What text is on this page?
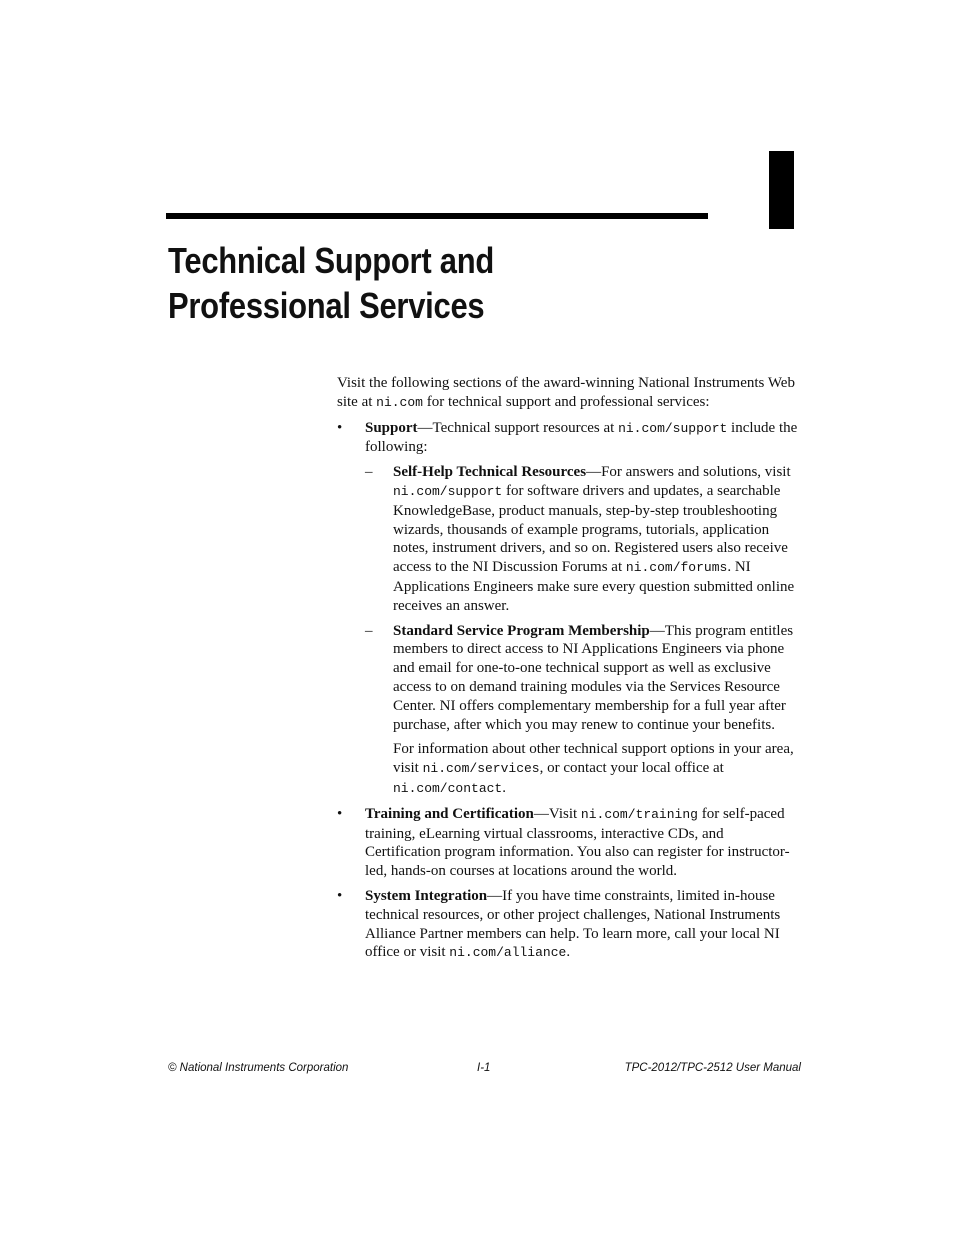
Technical Support and
Professional Services

Visit the following sections of the award-winning National Instruments Web site at ni.com for technical support and professional services:

• Support—Technical support resources at ni.com/support include the following:

– Self-Help Technical Resources—For answers and solutions, visit ni.com/support for software drivers and updates, a searchable KnowledgeBase, product manuals, step-by-step troubleshooting wizards, thousands of example programs, tutorials, application notes, instrument drivers, and so on. Registered users also receive access to the NI Discussion Forums at ni.com/forums. NI Applications Engineers make sure every question submitted online receives an answer.

– Standard Service Program Membership—This program entitles members to direct access to NI Applications Engineers via phone and email for one-to-one technical support as well as exclusive access to on demand training modules via the Services Resource Center. NI offers complementary membership for a full year after purchase, after which you may renew to continue your benefits.

For information about other technical support options in your area, visit ni.com/services, or contact your local office at ni.com/contact.

• Training and Certification—Visit ni.com/training for self-paced training, eLearning virtual classrooms, interactive CDs, and Certification program information. You also can register for instructor-led, hands-on courses at locations around the world.

• System Integration—If you have time constraints, limited in-house technical resources, or other project challenges, National Instruments Alliance Partner members can help. To learn more, call your local NI office or visit ni.com/alliance.

© National Instruments Corporation	I-1	TPC-2012/TPC-2512 User Manual
